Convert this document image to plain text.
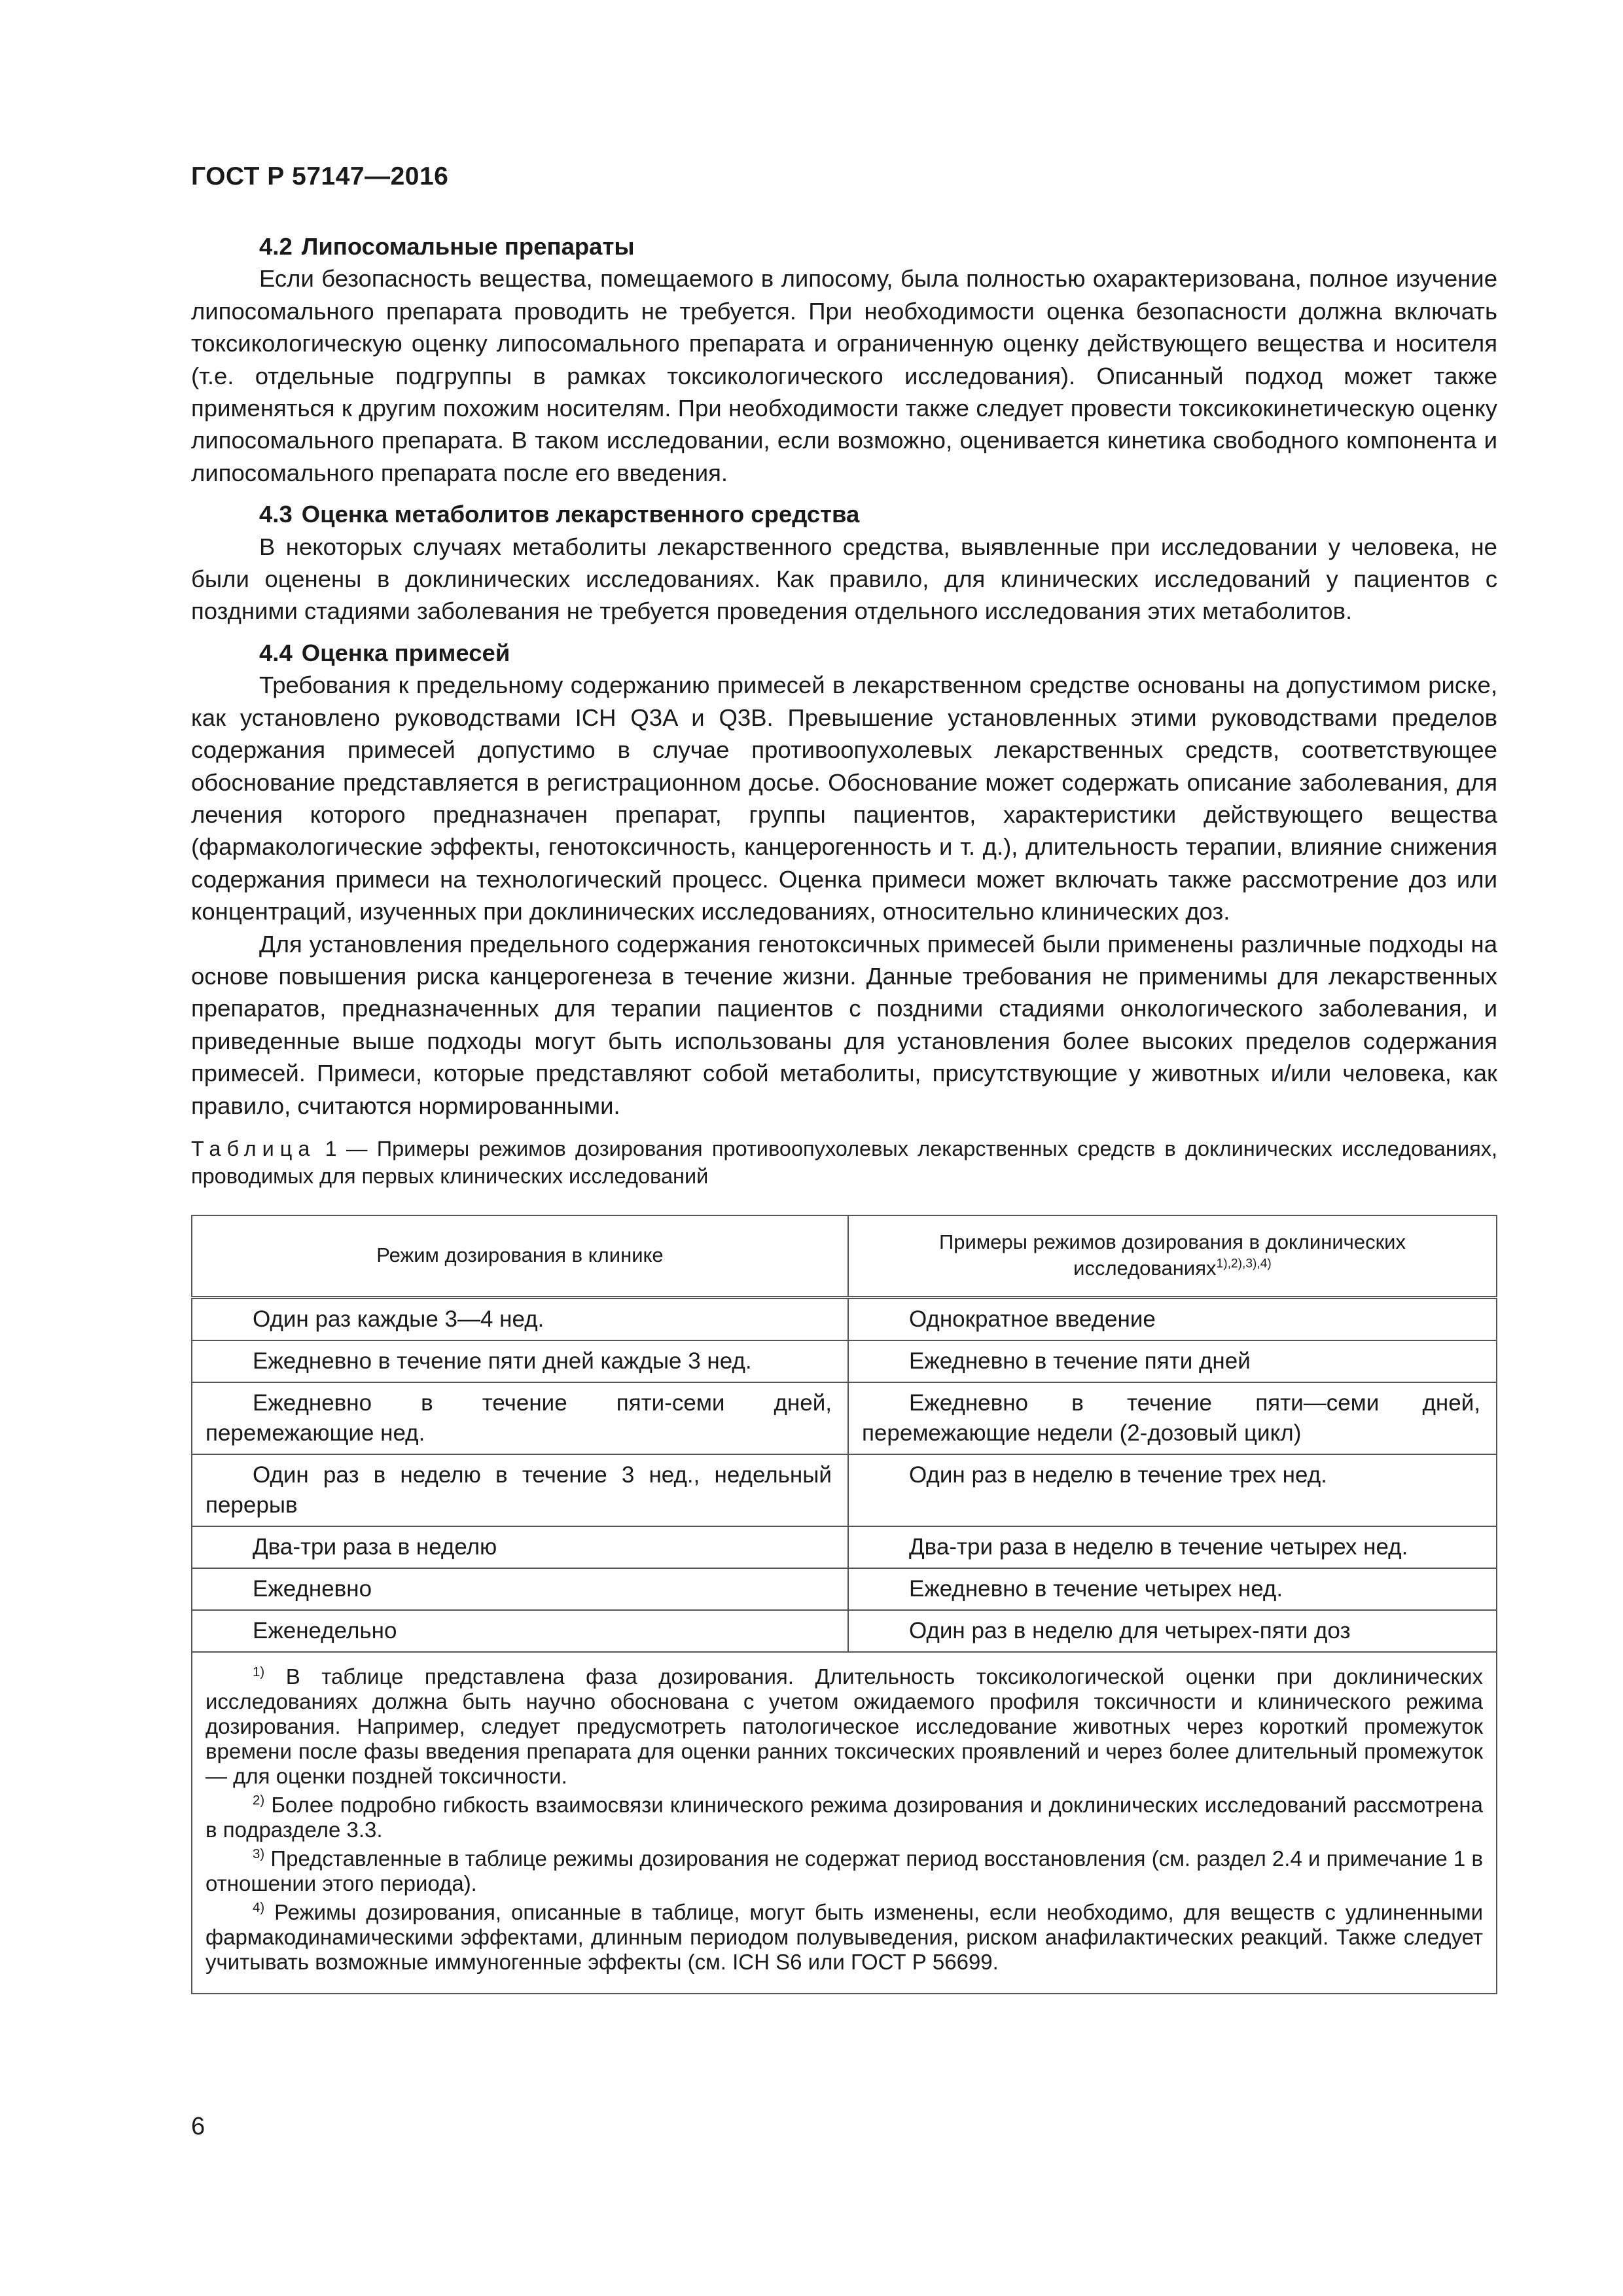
ГОСТ Р 57147—2016
4.2 Липосомальные препараты

Если безопасность вещества, помещаемого в липосому, была полностью охарактеризована, полное изучение липосомального препарата проводить не требуется. При необходимости оценка безопасности должна включать токсикологическую оценку липосомального препарата и ограниченную оценку действующего вещества и носителя (т.е. отдельные подгруппы в рамках токсикологического исследования). Описанный подход может также применяться к другим похожим носителям. При необходимости также следует провести токсикокинетическую оценку липосомального препарата. В таком исследовании, если возможно, оценивается кинетика свободного компонента и липосомального препарата после его введения.

4.3 Оценка метаболитов лекарственного средства

В некоторых случаях метаболиты лекарственного средства, выявленные при исследовании у человека, не были оценены в доклинических исследованиях. Как правило, для клинических исследований у пациентов с поздними стадиями заболевания не требуется проведения отдельного исследования этих метаболитов.

4.4 Оценка примесей

Требования к предельному содержанию примесей в лекарственном средстве основаны на допустимом риске, как установлено руководствами ICH Q3A и Q3B. Превышение установленных этими руководствами пределов содержания примесей допустимо в случае противоопухолевых лекарственных средств, соответствующее обоснование представляется в регистрационном досье. Обоснование может содержать описание заболевания, для лечения которого предназначен препарат, группы пациентов, характеристики действующего вещества (фармакологические эффекты, генотоксичность, канцерогенность и т. д.), длительность терапии, влияние снижения содержания примеси на технологический процесс. Оценка примеси может включать также рассмотрение доз или концентраций, изученных при доклинических исследованиях, относительно клинических доз.

Для установления предельного содержания генотоксичных примесей были применены различные подходы на основе повышения риска канцерогенеза в течение жизни. Данные требования не применимы для лекарственных препаратов, предназначенных для терапии пациентов с поздними стадиями онкологического заболевания, и приведенные выше подходы могут быть использованы для установления более высоких пределов содержания примесей. Примеси, которые представляют собой метаболиты, присутствующие у животных и/или человека, как правило, считаются нормированными.

Таблица 1 — Примеры режимов дозирования противоопухолевых лекарственных средств в доклинических исследованиях, проводимых для первых клинических исследований
Режим дозирования в клинике	Примеры режимов дозирования в доклинических исследованиях$^{1),2),3),4)}$

Один раз каждые 3—4 нед.	Однократное введение

Ежедневно в течение пяти дней каждые 3 нед.	Ежедневно в течение пяти дней

Ежедневно в течение пяти-семи дней, перемежающие нед.	Ежедневно в течение пяти—семи дней, перемежающие недели (2-дозовый цикл)

Один раз в неделю в течение 3 нед., недельный перерыв	Один раз в неделю в течение трех нед.

Два-три раза в неделю	Два-три раза в неделю в течение четырех нед.

Ежедневно	Ежедневно в течение четырех нед.

Еженедельно	Один раз в неделю для четырех-пяти доз

$^{1)}$ В таблице представлена фаза дозирования. Длительность токсикологической оценки при доклинических исследованиях должна быть научно обоснована с учетом ожидаемого профиля токсичности и клинического режима дозирования. Например, следует предусмотреть патологическое исследование животных через короткий промежуток времени после фазы введения препарата для оценки ранних токсических проявлений и через более длительный промежуток — для оценки поздней токсичности.

$^{2)}$ Более подробно гибкость взаимосвязи клинического режима дозирования и доклинических исследований рассмотрена в подразделе 3.3.

$^{3)}$ Представленные в таблице режимы дозирования не содержат период восстановления (см. раздел 2.4 и примечание 1 в отношении этого периода).

$^{4)}$ Режимы дозирования, описанные в таблице, могут быть изменены, если необходимо, для веществ с удлиненными фармакодинамическими эффектами, длинным периодом полувыведения, риском анафилактических реакций. Также следует учитывать возможные иммуногенные эффекты (см. ICH S6 или ГОСТ Р 56699.	

6
